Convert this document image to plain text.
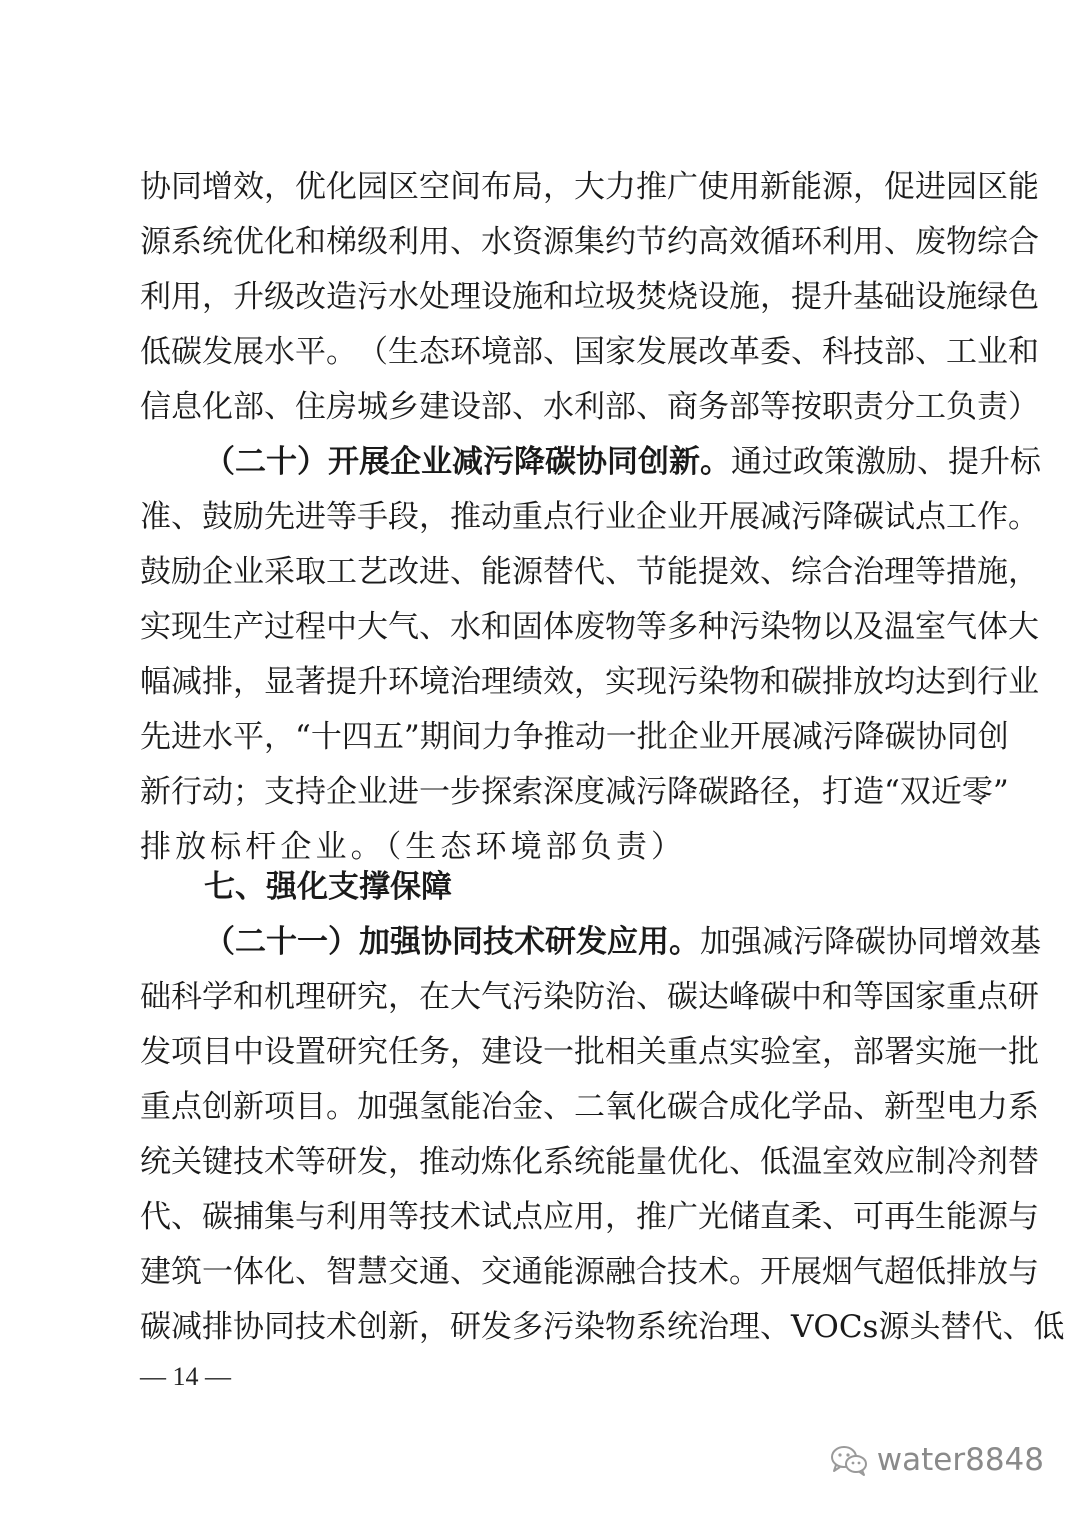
协 同 增 效 ， 优 化 园 区 空 间 布 局 ， 大 力 推 广 使 用 新 能 源 ， 促 进 园 区 能
源 系 统 优 化 和 梯 级 利 用 、 水 资 源 集 约 节 约 高 效 循 环 利 用 、 废 物 综 合
利 用 ， 升 级 改 造 污 水 处 理 设 施 和 垃 圾 焚 烧 设 施 ， 提 升 基 础 设 施 绿 色
低 碳 发 展 水 平 。 （ 生 态 环 境 部 、 国 家 发 展 改 革 委 、 科 技 部 、 工 业 和
信 息 化 部 、 住 房 城 乡 建 设 部 、 水 利 部 、 商 务 部 等 按 职 责 分 工 负 责 ）
（ 二 十 ） 开 展 企 业 减 污 降 碳 协 同 创 新 。 通 过 政 策 激 励 、 提 升 标
准 、 鼓 励 先 进 等 手 段 ， 推 动 重 点 行 业 企 业 开 展 减 污 降 碳 试 点 工 作 。
鼓 励 企 业 采 取 工 艺 改 进 、 能 源 替 代 、 节 能 提 效 、 综 合 治 理 等 措 施 ，
实 现 生 产 过 程 中 大 气 、 水 和 固 体 废 物 等 多 种 污 染 物 以 及 温 室 气 体 大
幅 减 排 ， 显 著 提 升 环 境 治 理 绩 效 ， 实 现 污 染 物 和 碳 排 放 均 达 到 行 业
先 进 水 平 ， “ 十 四 五 ” 期 间 力 争 推 动 一 批 企 业 开 展 减 污 降 碳 协 同 创
新 行 动 ； 支 持 企 业 进 一 步 探 索 深 度 减 污 降 碳 路 径 ， 打 造 “ 双 近 零 ”
排放标杆企业。（生态环境部负责）
七、强化支撑保障
（ 二 十 一 ） 加 强 协 同 技 术 研 发 应 用 。 加 强 减 污 降 碳 协 同 增 效 基
础 科 学 和 机 理 研 究 ， 在 大 气 污 染 防 治 、 碳 达 峰 碳 中 和 等 国 家 重 点 研
发 项 目 中 设 置 研 究 任 务 ， 建 设 一 批 相 关 重 点 实 验 室 ， 部 署 实 施 一 批
重 点 创 新 项 目 。 加 强 氢 能 冶 金 、 二 氧 化 碳 合 成 化 学 品 、 新 型 电 力 系
统 关 键 技 术 等 研 发 ， 推 动 炼 化 系 统 能 量 优 化 、 低 温 室 效 应 制 冷 剂 替
代 、 碳 捕 集 与 利 用 等 技 术 试 点 应 用 ， 推 广 光 储 直 柔 、 可 再 生 能 源 与
建 筑 一 体 化 、 智 慧 交 通 、 交 通 能 源 融 合 技 术 。 开 展 烟 气 超 低 排 放 与
碳 减 排 协 同 技 术 创 新 ， 研 发 多 污 染 物 系 统 治 理 、 V O C s 源 头 替 代 、 低
— 14 —
water8848
